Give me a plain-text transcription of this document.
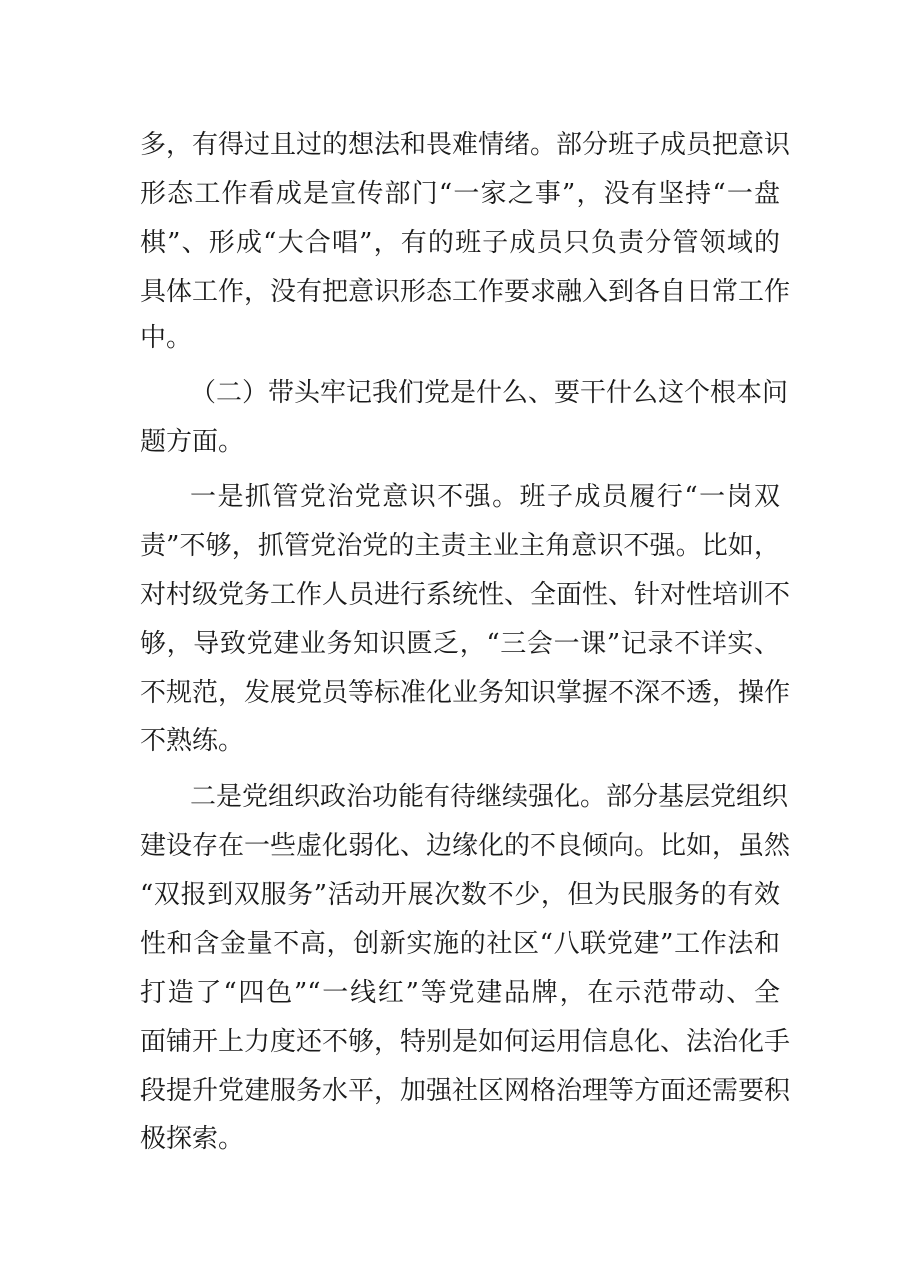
多，有得过且过的想法和畏难情绪。部分班子成员把意识
形态工作看成是宣传部门“一家之事”，没有坚持“一盘
棋”、形成“大合唱”，有的班子成员只负责分管领域的
具体工作，没有把意识形态工作要求融入到各自日常工作
中。
（二）带头牢记我们党是什么、要干什么这个根本问
题方面。
一是抓管党治党意识不强。班子成员履行“一岗双
责”不够，抓管党治党的主责主业主角意识不强。比如，
对村级党务工作人员进行系统性、全面性、针对性培训不
够，导致党建业务知识匮乏，“三会一课”记录不详实、
不规范，发展党员等标准化业务知识掌握不深不透，操作
不熟练。
二是党组织政治功能有待继续强化。部分基层党组织
建设存在一些虚化弱化、边缘化的不良倾向。比如，虽然
“双报到双服务”活动开展次数不少，但为民服务的有效
性和含金量不高，创新实施的社区“八联党建”工作法和
打造了“四色”“一线红”等党建品牌，在示范带动、全
面铺开上力度还不够，特别是如何运用信息化、法治化手
段提升党建服务水平，加强社区网格治理等方面还需要积
极探索。
